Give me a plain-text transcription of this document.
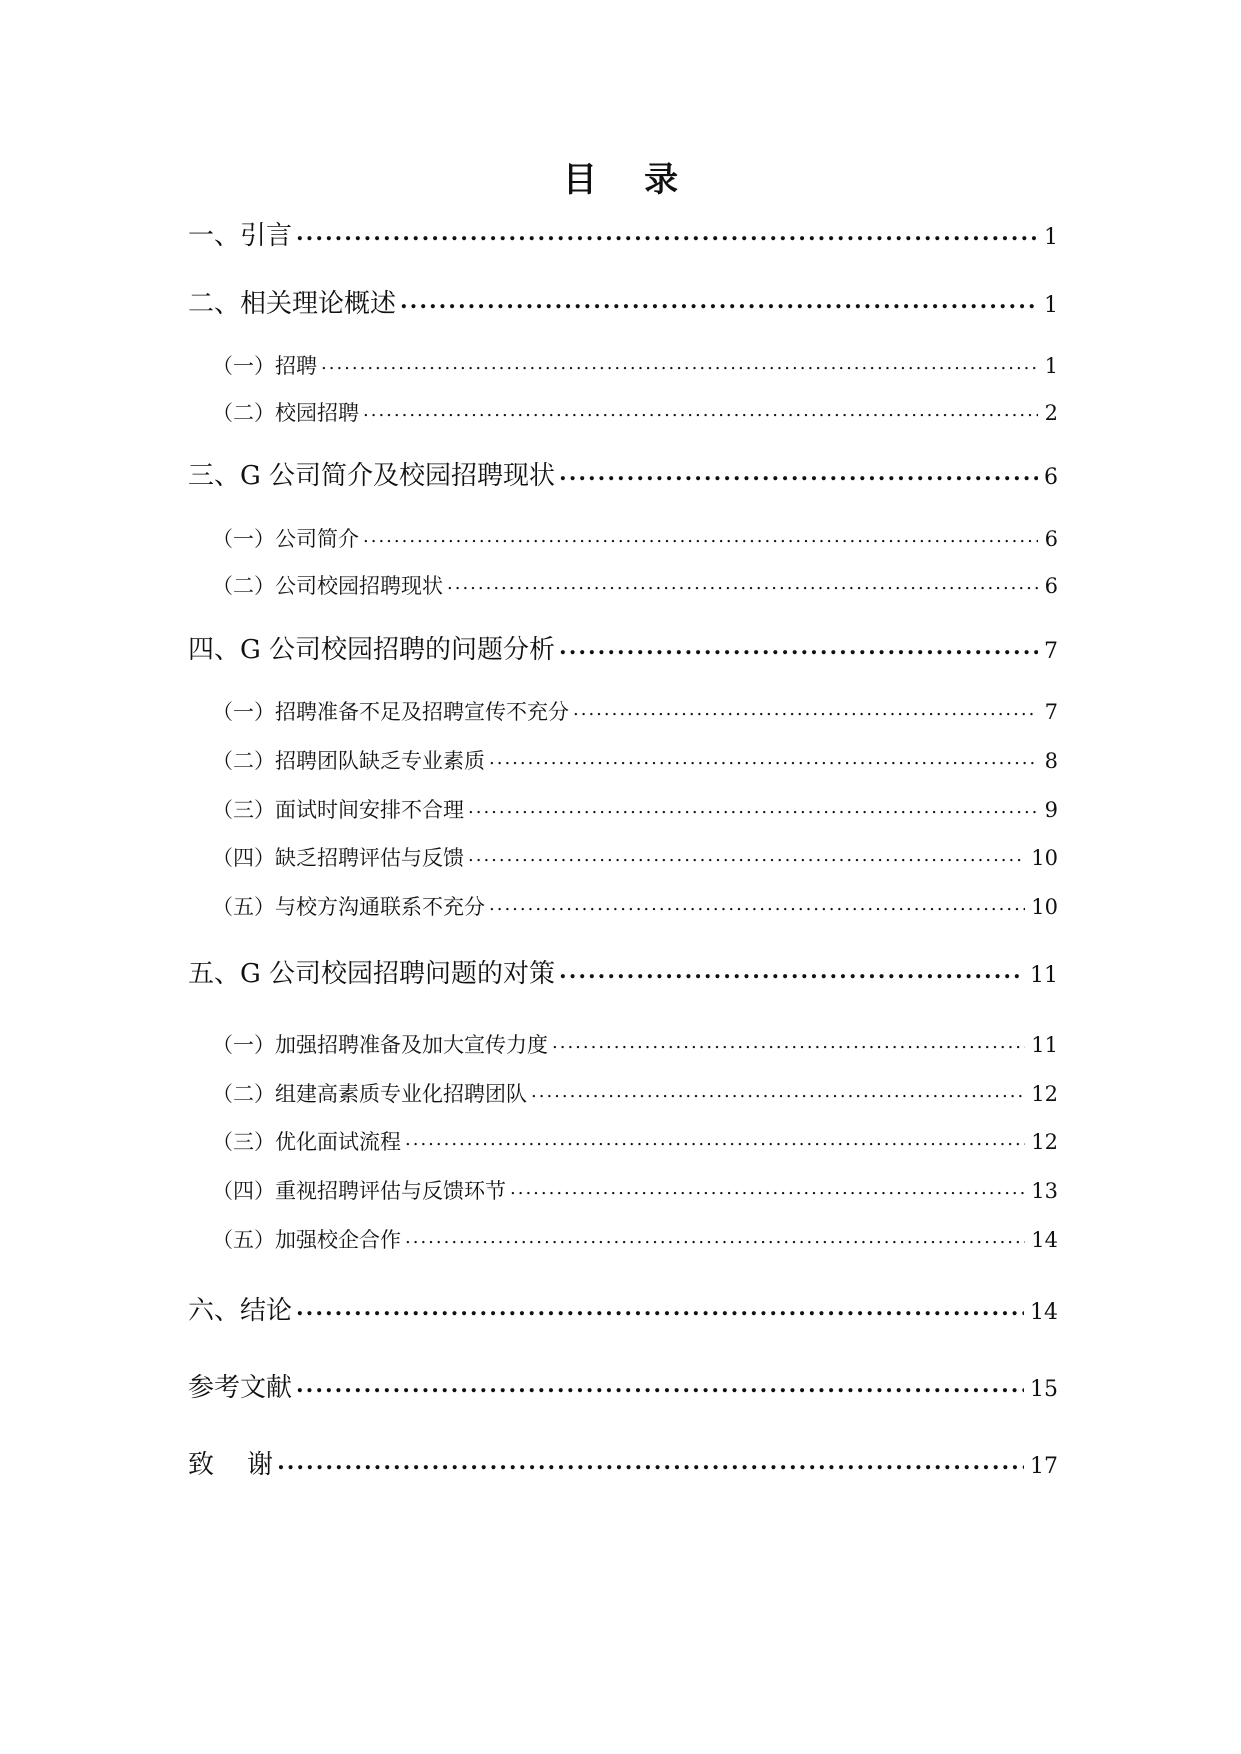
目    录
一、引言 .....	1
二、相关理论概述 .....	1
（一）招聘 .....	1
（二）校园招聘 .....	2
三、G 公司简介及校园招聘现状 .....	6
（一）公司简介 .....	6
（二）公司校园招聘现状 .....	6
四、G 公司校园招聘的问题分析 .....	7
（一）招聘准备不足及招聘宣传不充分 .....	7
（二）招聘团队缺乏专业素质 .....	8
（三）面试时间安排不合理 .....	9
（四）缺乏招聘评估与反馈 .....	10
（五）与校方沟通联系不充分 .....	10
五、G 公司校园招聘问题的对策 .....	11
（一）加强招聘准备及加大宣传力度 .....	11
（二）组建高素质专业化招聘团队 .....	12
（三）优化面试流程 .....	12
（四）重视招聘评估与反馈环节 .....	13
（五）加强校企合作 .....	14
六、结论 .....	14
参考文献 .....	15
致    谢 .....	17
